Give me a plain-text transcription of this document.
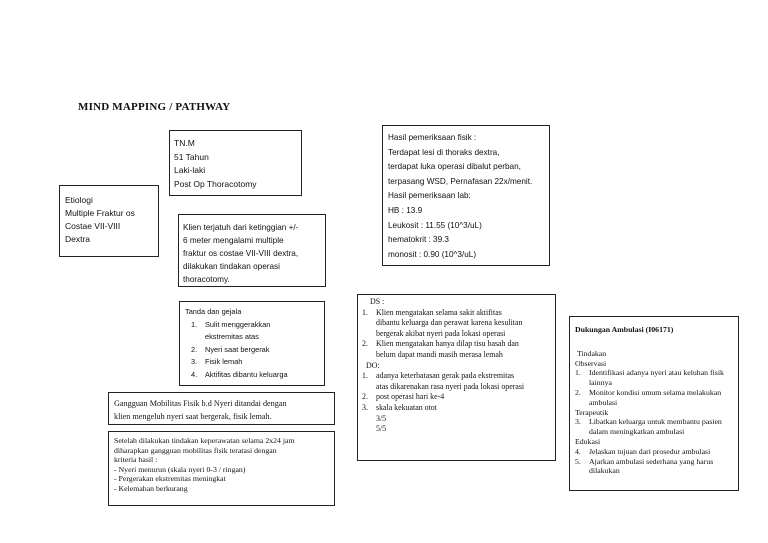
MIND MAPPING / PATHWAY
TN.M
51 Tahun
Laki-laki
Post Op Thoracotomy
Etiologi
Multiple Fraktur os
Costae VII-VIII
Dextra
Klien terjatuh dari ketinggian +/-
6 meter mengalami multiple
fraktur os costae VII-VIII dextra,
dilakukan tindakan operasi
thoracotomy.
Hasil pemeriksaan fisik :
Terdapat lesi di thoraks dextra,
terdapat luka operasi dibalut perban,
terpasang WSD, Pernafasan 22x/menit.
Hasil pemeriksaan lab:
HB : 13.9
Leukosit : 11.55 (10^3/uL)
hematokrit : 39.3
monosit : 0.90 (10^3/uL)
Tanda dan gejala
1. Sulit menggerakkan
ekstremitas atas
2. Nyeri saat bergerak
3. Fisik lemah
4. Aktifitas dibantu keluarga
Gangguan Mobilitas Fisik b.d Nyeri ditandai dengan
klien mengeluh nyeri saat bergerak, fisik lemah.
DS :
1. Klien mengatakan selama sakit aktifitas
dibantu keluarga dan perawat karena kesulitan
bergerak akibat nyeri pada lokasi operasi
2. Klien mengatakan hanya dilap tisu basah dan
belum dapat mandi masih merasa lemah
DO:
1. adanya keterbatasan gerak pada ekstremitas
atas dikarenakan rasa nyeri pada lokasi operasi
2. post operasi hari ke-4
3. skala kekuatan otot
3/5
5/5
Setelah dilakukan tindakan keperawatan selama 2x24 jam
diharapkan gangguan mobilitas fisik teratasi dengan
kriteria hasil :
- Nyeri menurun (skala nyeri 0-3 / ringan)
- Pergerakan ekstremitas meningkat
- Kelemahan berkurang
Dukungan Ambulasi (I06171)
Tindakan
Observasi
1. Identifikasi adanya nyeri atau keluhan fisik
lainnya
2. Monitor kondisi umum selama melakukan
ambulasi
Terapeutik
3. Libatkan keluarga untuk membantu pasien
dalam meningkatkan ambulasi
Edukasi
4. Jelaskan tujuan dari prosedur ambulasi
5. Ajarkan ambulasi sederhana yang harus
dilakukan
